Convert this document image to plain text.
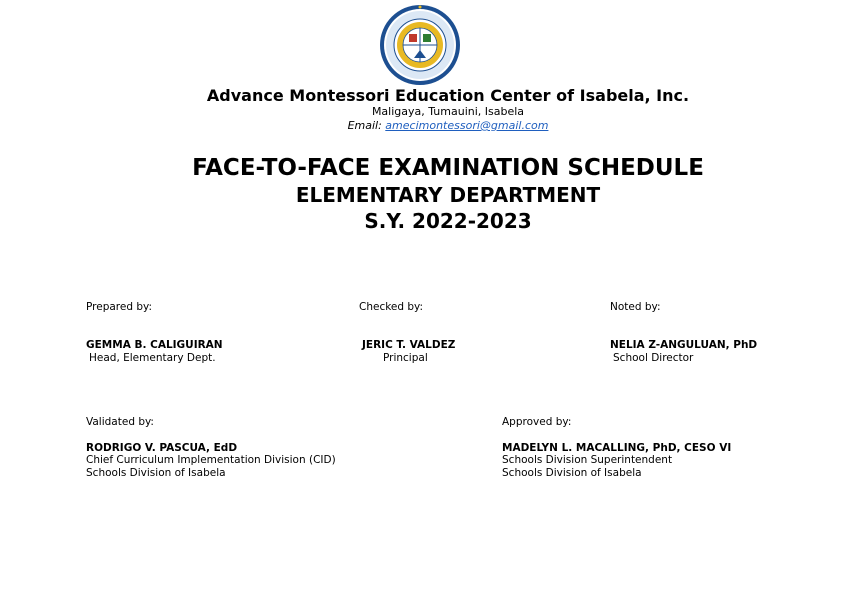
Advance Montessori Education Center of Isabela, Inc.
Maligaya, Tumauini, Isabela
Email: amecimontessori@gmail.com
FACE-TO-FACE EXAMINATION SCHEDULE
ELEMENTARY DEPARTMENT
S.Y. 2022-2023
Prepared by:
GEMMA B. CALIGUIRAN
Head, Elementary Dept.
Checked by:
JERIC T. VALDEZ
Principal
Noted by:
NELIA Z-ANGULUAN, PhD
School Director
Validated by:
RODRIGO V. PASCUA, EdD
Chief Curriculum Implementation Division (CID)
Schools Division of Isabela
Approved by:
MADELYN L. MACALLING, PhD, CESO VI
Schools Division Superintendent
Schools Division of Isabela
